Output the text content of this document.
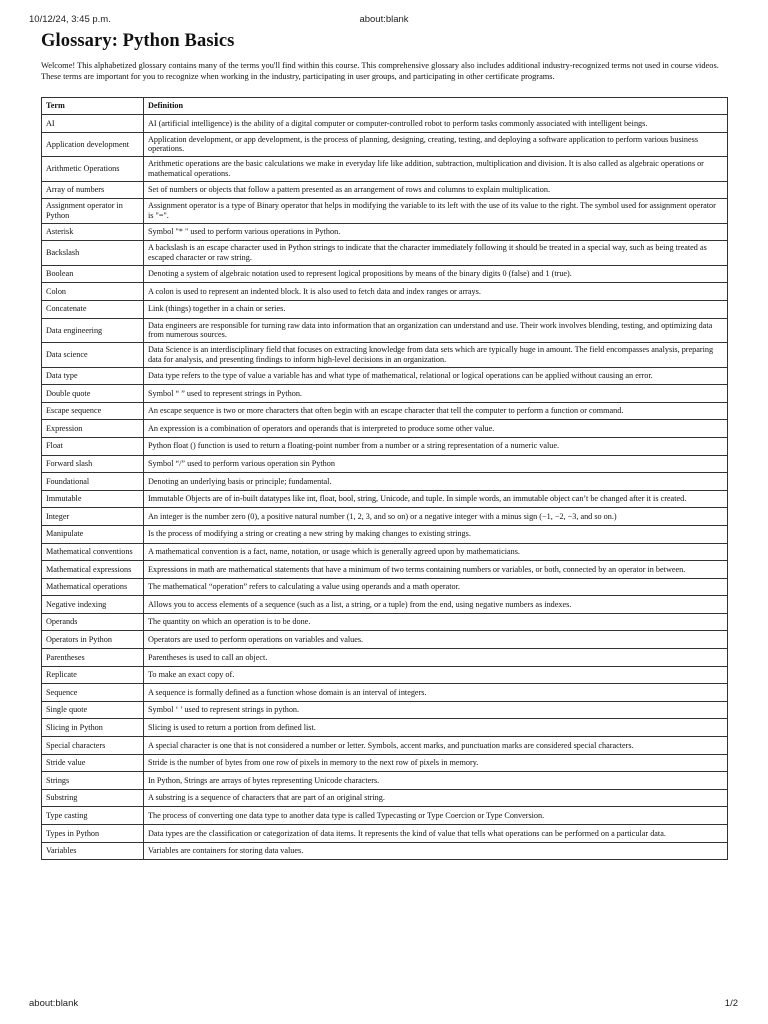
10/12/24, 3:45 p.m.	about:blank
Glossary: Python Basics

Welcome! This alphabetized glossary contains many of the terms you'll find within this course. This comprehensive glossary also includes additional industry-recognized terms not used in course videos. These terms are important for you to recognize when working in the industry, participating in user groups, and participating in other certificate programs.

Term	Definition
AI	AI (artificial intelligence) is the ability of a digital computer or computer-controlled robot to perform tasks commonly associated with intelligent beings.
Application development	Application development, or app development, is the process of planning, designing, creating, testing, and deploying a software application to perform various business operations.
Arithmetic Operations	Arithmetic operations are the basic calculations we make in everyday life like addition, subtraction, multiplication and division. It is also called as algebraic operations or mathematical operations.
Array of numbers	Set of numbers or objects that follow a pattern presented as an arrangement of rows and columns to explain multiplication.
Assignment operator in Python	Assignment operator is a type of Binary operator that helps in modifying the variable to its left with the use of its value to the right. The symbol used for assignment operator is "=".
Asterisk	Symbol "* " used to perform various operations in Python.
Backslash	A backslash is an escape character used in Python strings to indicate that the character immediately following it should be treated in a special way, such as being treated as escaped character or raw string.
Boolean	Denoting a system of algebraic notation used to represent logical propositions by means of the binary digits 0 (false) and 1 (true).
Colon	A colon is used to represent an indented block. It is also used to fetch data and index ranges or arrays.
Concatenate	Link (things) together in a chain or series.
Data engineering	Data engineers are responsible for turning raw data into information that an organization can understand and use. Their work involves blending, testing, and optimizing data from numerous sources.
Data science	Data Science is an interdisciplinary field that focuses on extracting knowledge from data sets which are typically huge in amount. The field encompasses analysis, preparing data for analysis, and presenting findings to inform high-level decisions in an organization.
Data type	Data type refers to the type of value a variable has and what type of mathematical, relational or logical operations can be applied without causing an error.
Double quote	Symbol “ ” used to represent strings in Python.
Escape sequence	An escape sequence is two or more characters that often begin with an escape character that tell the computer to perform a function or command.
Expression	An expression is a combination of operators and operands that is interpreted to produce some other value.
Float	Python float () function is used to return a floating-point number from a number or a string representation of a numeric value.
Forward slash	Symbol “/” used to perform various operation sin Python
Foundational	Denoting an underlying basis or principle; fundamental.
Immutable	Immutable Objects are of in-built datatypes like int, float, bool, string, Unicode, and tuple. In simple words, an immutable object can’t be changed after it is created.
Integer	An integer is the number zero (0), a positive natural number (1, 2, 3, and so on) or a negative integer with a minus sign (−1, −2, −3, and so on.)
Manipulate	Is the process of modifying a string or creating a new string by making changes to existing strings.
Mathematical conventions	A mathematical convention is a fact, name, notation, or usage which is generally agreed upon by mathematicians.
Mathematical expressions	Expressions in math are mathematical statements that have a minimum of two terms containing numbers or variables, or both, connected by an operator in between.
Mathematical operations	The mathematical “operation” refers to calculating a value using operands and a math operator.
Negative indexing	Allows you to access elements of a sequence (such as a list, a string, or a tuple) from the end, using negative numbers as indexes.
Operands	The quantity on which an operation is to be done.
Operators in Python	Operators are used to perform operations on variables and values.
Parentheses	Parentheses is used to call an object.
Replicate	To make an exact copy of.
Sequence	A sequence is formally defined as a function whose domain is an interval of integers.
Single quote	Symbol ‘ ’ used to represent strings in python.
Slicing in Python	Slicing is used to return a portion from defined list.
Special characters	A special character is one that is not considered a number or letter. Symbols, accent marks, and punctuation marks are considered special characters.
Stride value	Stride is the number of bytes from one row of pixels in memory to the next row of pixels in memory.
Strings	In Python, Strings are arrays of bytes representing Unicode characters.
Substring	A substring is a sequence of characters that are part of an original string.
Type casting	The process of converting one data type to another data type is called Typecasting or Type Coercion or Type Conversion.
Types in Python	Data types are the classification or categorization of data items. It represents the kind of value that tells what operations can be performed on a particular data.
Variables	Variables are containers for storing data values.
about:blank	1/2
